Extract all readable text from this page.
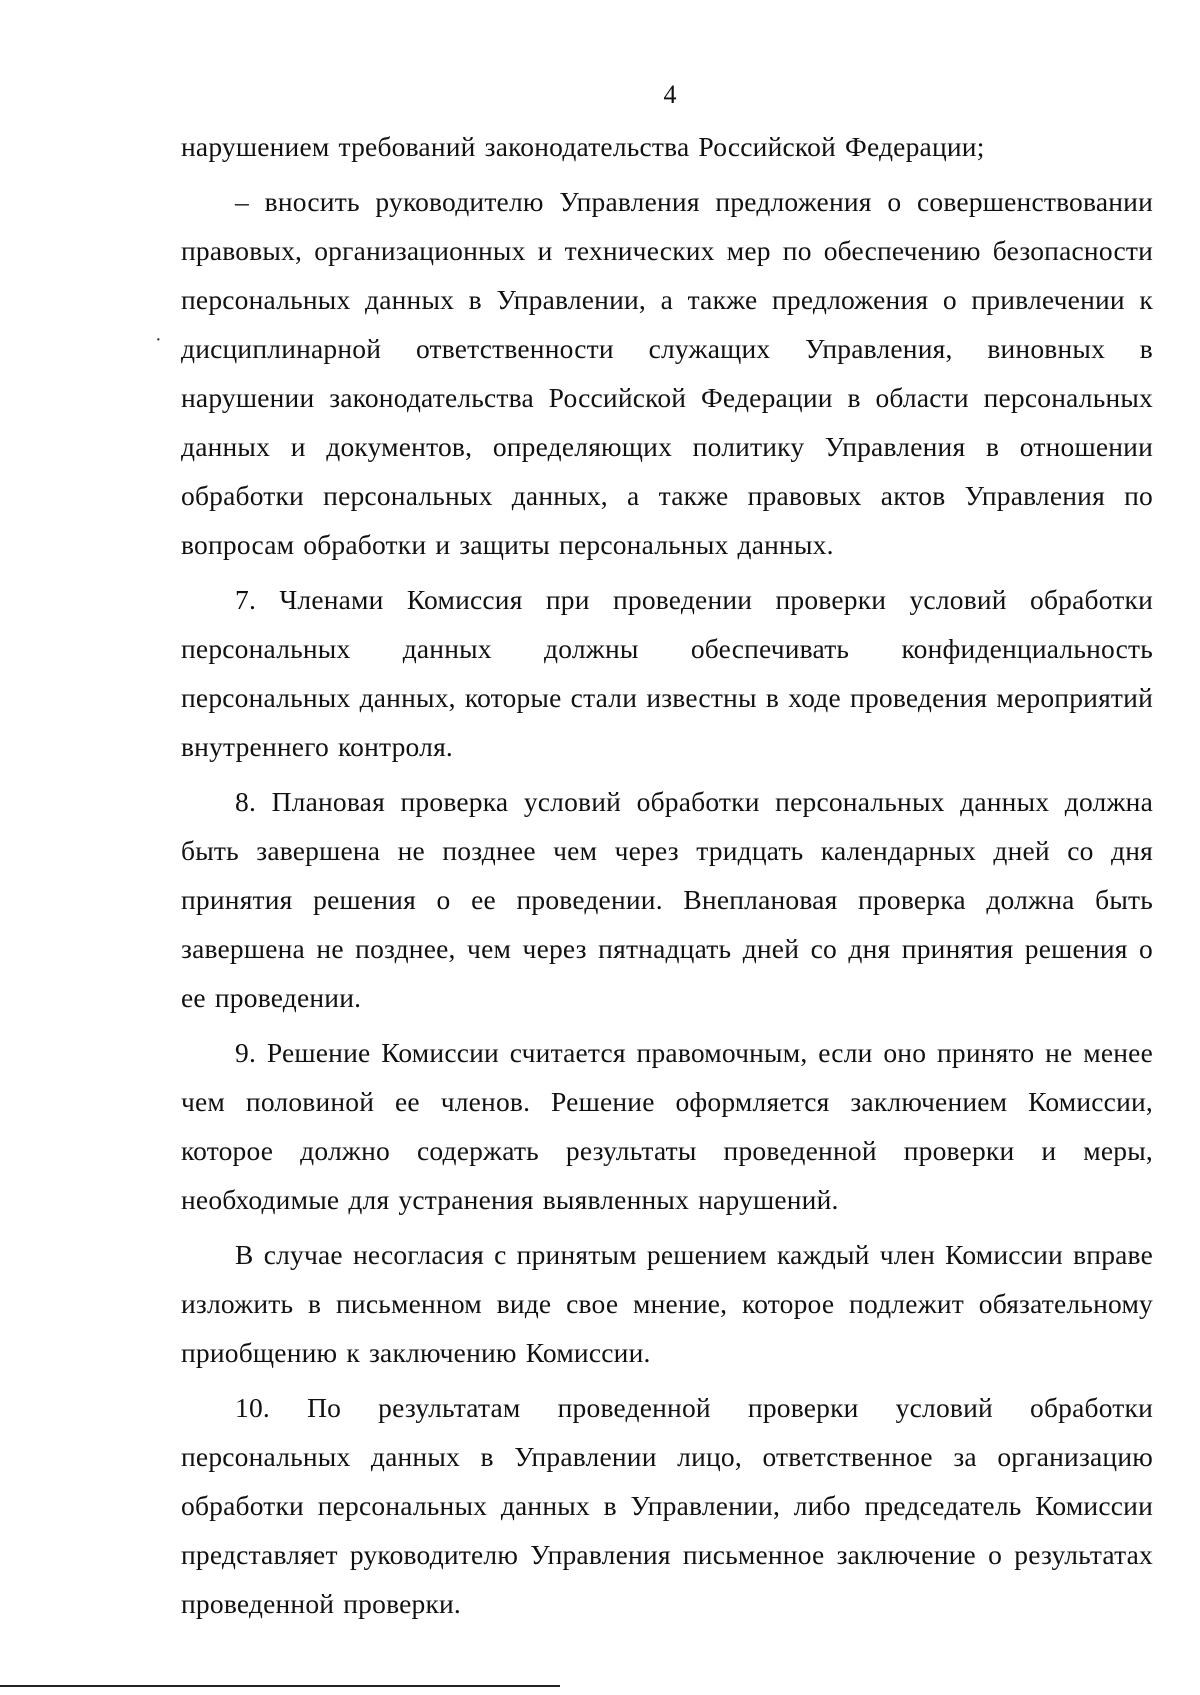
4
·

нарушением требований законодательства Российской Федерации;

– вносить руководителю Управления предложения о совершенствовании правовых, организационных и технических мер по обеспечению безопасности персональных данных в Управлении, а также предложения о привлечении к дисциплинарной ответственности служащих Управления, виновных в нарушении законодательства Российской Федерации в области персональных данных и документов, определяющих политику Управления в отношении обработки персональных данных, а также правовых актов Управления по вопросам обработки и защиты персональных данных.

7. Членами Комиссия при проведении проверки условий обработки персональных данных должны обеспечивать конфиденциальность персональных данных, которые стали известны в ходе проведения мероприятий внутреннего контроля.

8. Плановая проверка условий обработки персональных данных должна быть завершена не позднее чем через тридцать календарных дней со дня принятия решения о ее проведении. Внеплановая проверка должна быть завершена не позднее, чем через пятнадцать дней со дня принятия решения о ее проведении.

9. Решение Комиссии считается правомочным, если оно принято не менее чем половиной ее членов. Решение оформляется заключением Комиссии, которое должно содержать результаты проведенной проверки и меры, необходимые для устранения выявленных нарушений.

В случае несогласия с принятым решением каждый член Комиссии вправе изложить в письменном виде свое мнение, которое подлежит обязательному приобщению к заключению Комиссии.

10. По результатам проведенной проверки условий обработки персональных данных в Управлении лицо, ответственное за организацию обработки персональных данных в Управлении, либо председатель Комиссии представляет руководителю Управления письменное заключение о результатах проведенной проверки.
